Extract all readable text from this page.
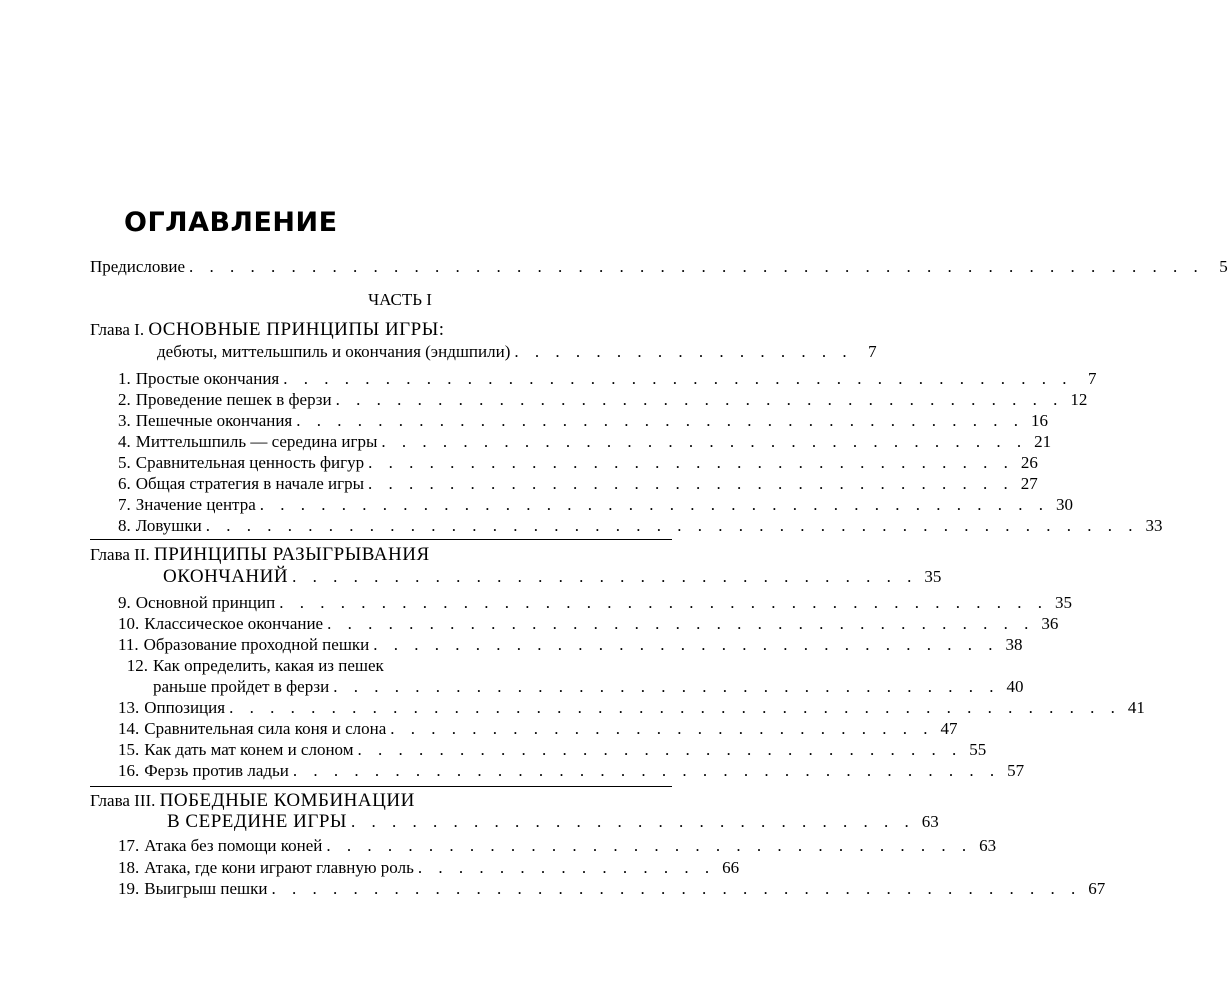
ОГЛАВЛЕНИЕ
Предисловие . . . . . . . . . . . . . . . . . . . . . . . . . . . . . . . . . . . . . . . . . . . . . . . . . . 5
ЧАСТЬ I
Глава I. ОСНОВНЫЕ ПРИНЦИПЫ ИГРЫ:
дебюты, миттельшпиль и окончания (эндшпили) . . . . . . . . . . . . . . . . . 7
1. Простые окончания . . . . . . . . . . . . . . . . . . . . . . . . . . . . . . . . . . . . . . . 7
2. Проведение пешек в ферзи . . . . . . . . . . . . . . . . . . . . . . . . . . . . . . . . . . . . 12
3. Пешечные окончания . . . . . . . . . . . . . . . . . . . . . . . . . . . . . . . . . . . . 16
4. Миттельшпиль — середина игры . . . . . . . . . . . . . . . . . . . . . . . . . . . . . . . . 21
5. Сравнительная ценность фигур . . . . . . . . . . . . . . . . . . . . . . . . . . . . . . . . 26
6. Общая стратегия в начале игры . . . . . . . . . . . . . . . . . . . . . . . . . . . . . . . . 27
7. Значение центра . . . . . . . . . . . . . . . . . . . . . . . . . . . . . . . . . . . . . . . 30
8. Ловушки . . . . . . . . . . . . . . . . . . . . . . . . . . . . . . . . . . . . . . . . . . . . . . 33
Глава II. ПРИНЦИПЫ РАЗЫГРЫВАНИЯ
ОКОНЧАНИЙ . . . . . . . . . . . . . . . . . . . . . . . . . . . . . . . 35
9. Основной принцип . . . . . . . . . . . . . . . . . . . . . . . . . . . . . . . . . . . . . . 35
10. Классическое окончание . . . . . . . . . . . . . . . . . . . . . . . . . . . . . . . . . . . 36
11. Образование проходной пешки . . . . . . . . . . . . . . . . . . . . . . . . . . . . . . . 38
12. Как определить, какая из пешек
раньше пройдет в ферзи . . . . . . . . . . . . . . . . . . . . . . . . . . . . . . . . . 40
13. Оппозиция . . . . . . . . . . . . . . . . . . . . . . . . . . . . . . . . . . . . . . . . . . . . 41
14. Сравнительная сила коня и слона . . . . . . . . . . . . . . . . . . . . . . . . . . . 47
15. Как дать мат конем и слоном . . . . . . . . . . . . . . . . . . . . . . . . . . . . . . 55
16. Ферзь против ладьи . . . . . . . . . . . . . . . . . . . . . . . . . . . . . . . . . . . 57
Глава III. ПОБЕДНЫЕ КОМБИНАЦИИ
В СЕРЕДИНЕ ИГРЫ . . . . . . . . . . . . . . . . . . . . . . . . . . . . 63
17. Атака без помощи коней . . . . . . . . . . . . . . . . . . . . . . . . . . . . . . . . 63
18. Атака, где кони играют главную роль . . . . . . . . . . . . . . . 66
19. Выигрыш пешки . . . . . . . . . . . . . . . . . . . . . . . . . . . . . . . . . . . . . . . . 67
